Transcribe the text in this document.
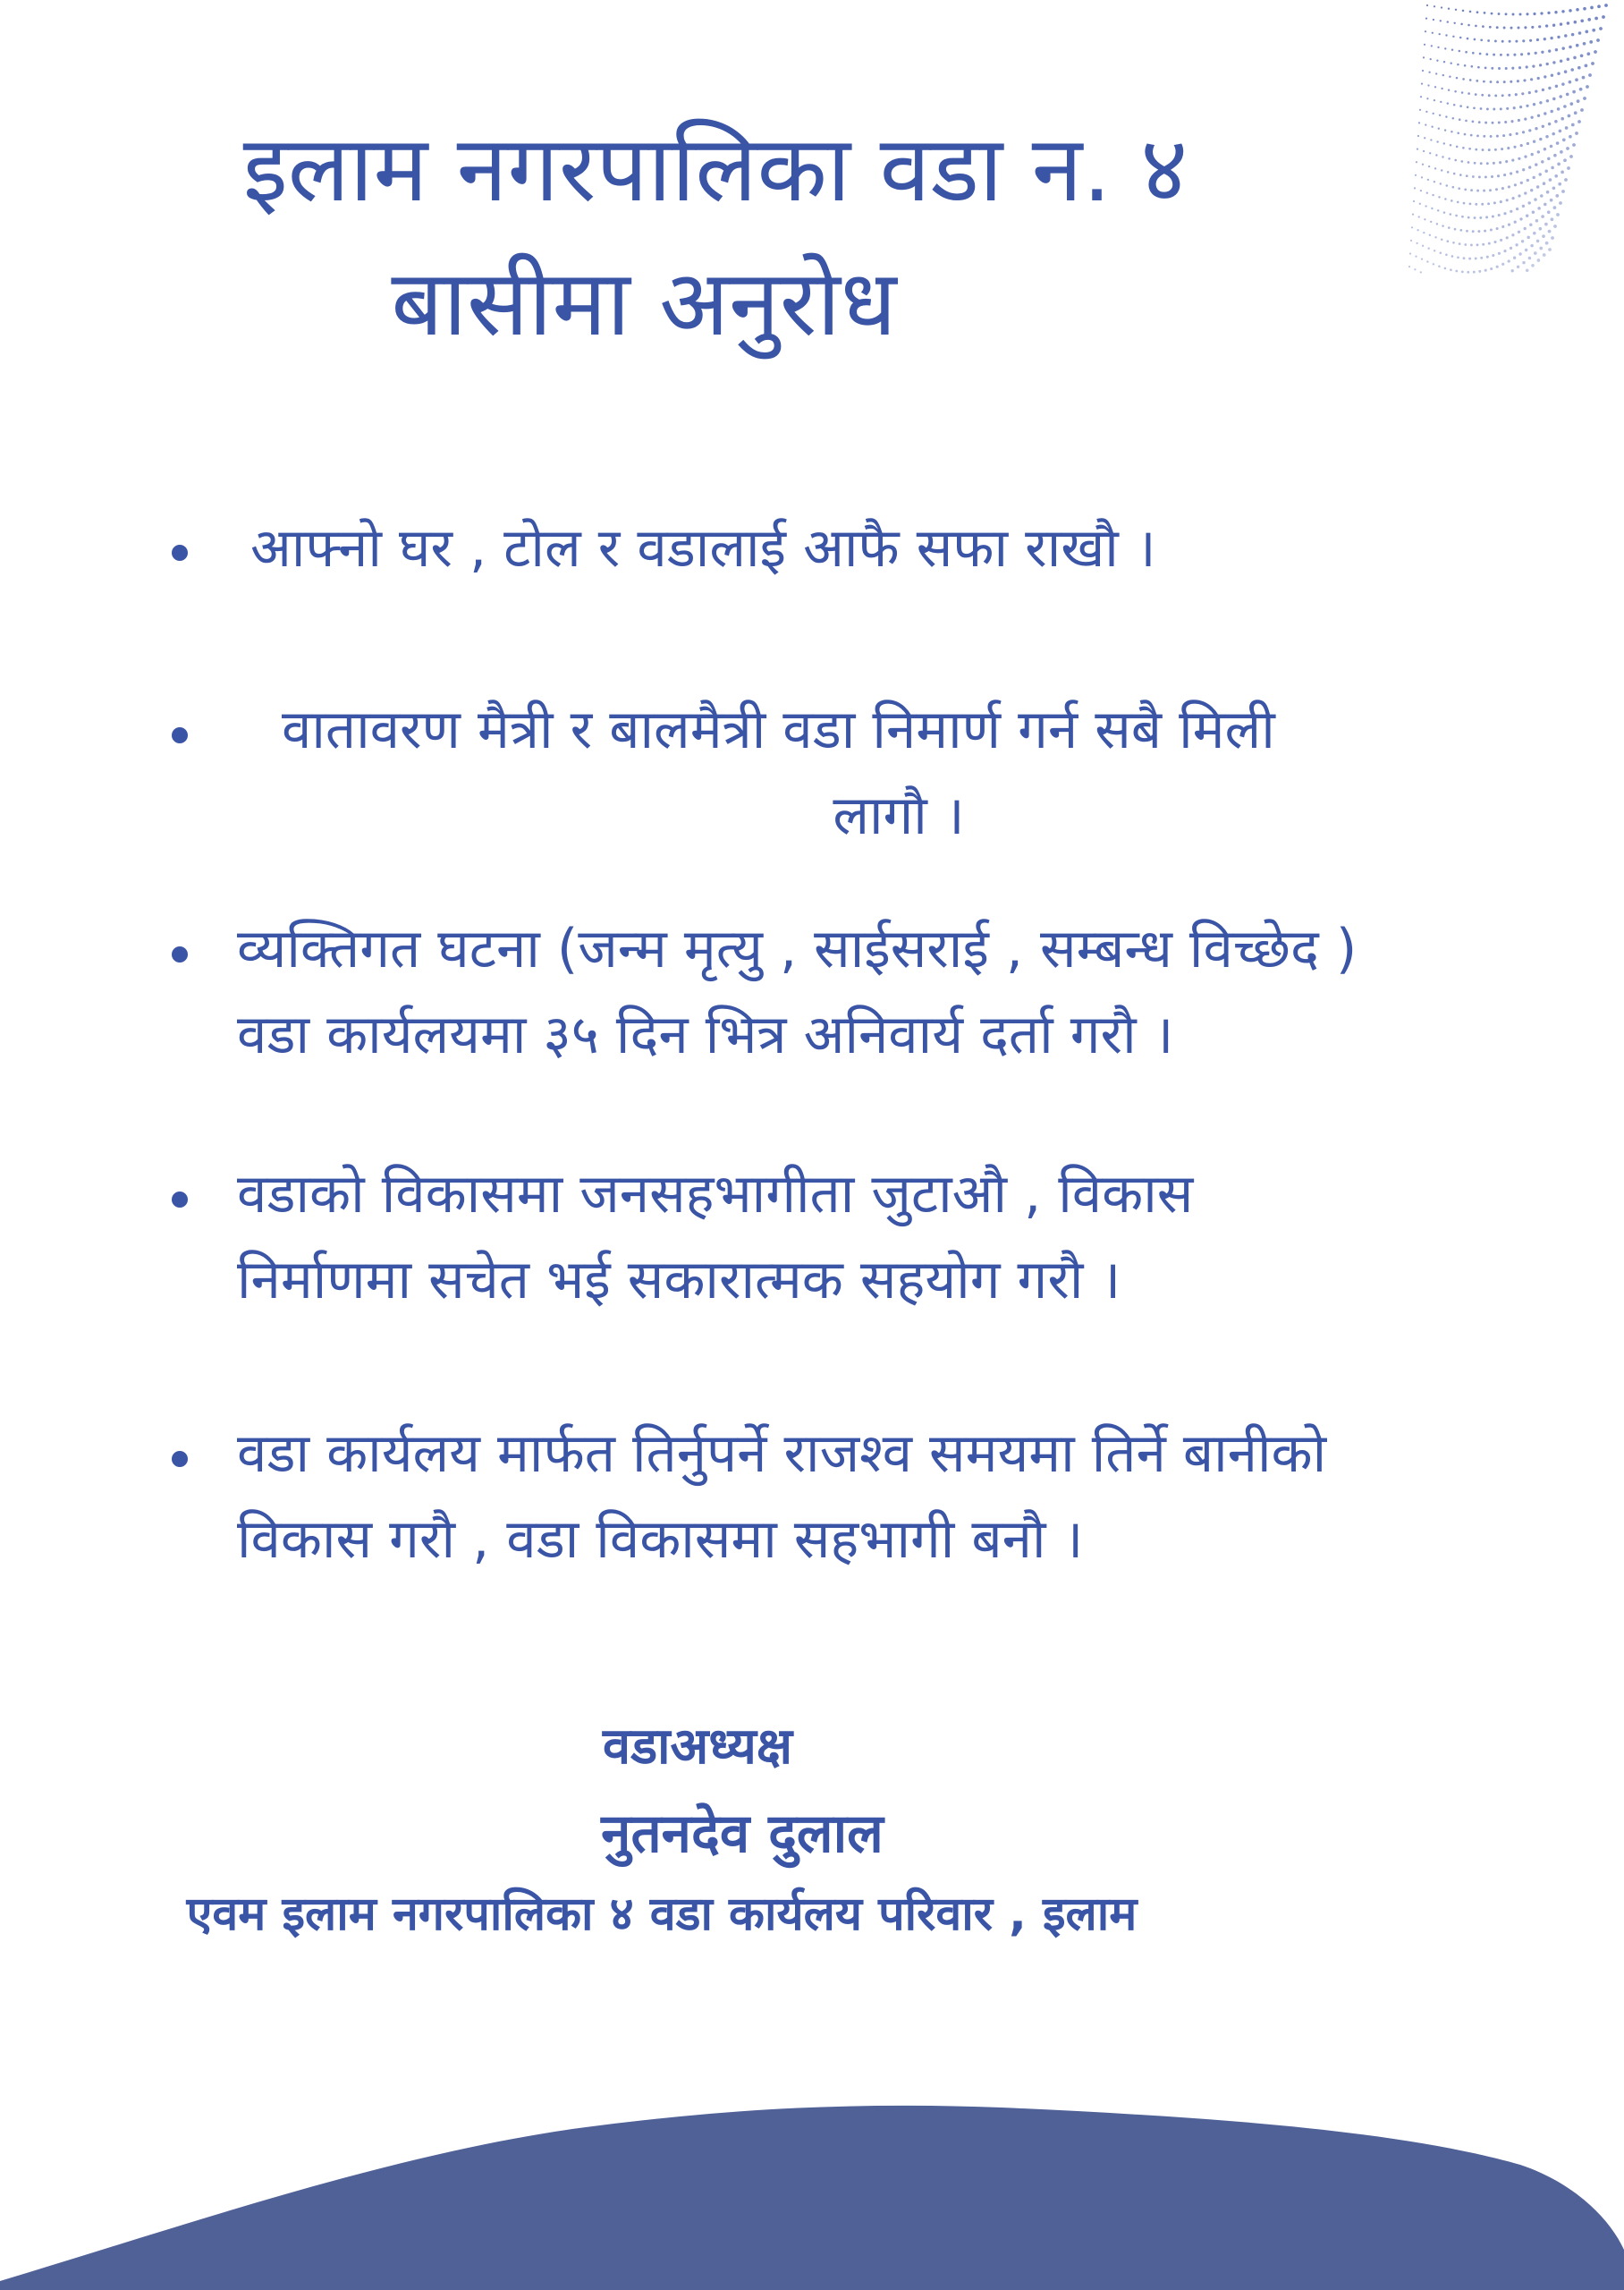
इलाम नगरपालिका वडा न. ४
बासीमा अनुरोध
आफ्नो घर , टोल र वडालाई आफै सफा राखौ ।
वातावरण मैत्री र बालमैत्री वडा निमार्ण गर्न सबै मिली
लागौ ।
व्यक्तिगत घटना (जन्म मृत्यु , साईसराई , सम्बन्ध विच्छेद )
वडा कार्यलयमा ३५ दिन भित्र अनिवार्य दर्ता गरौ ।
वडाको विकासमा जनसहभागीता जुटाऔ , विकास
निर्माणमा सचेत भई सकारात्मक सहयोग गरौ ।
वडा कार्यलय मार्फत तिर्नुपर्ने राजश्व समयमा तिर्ने बानीको
विकास गरौ , वडा विकासमा सहभागी बनौ ।
वडाअध्यक्ष
नुतनदेव दुलाल
एवम इलाम नगरपालिका ४ वडा कार्यलय परिवार , इलाम
